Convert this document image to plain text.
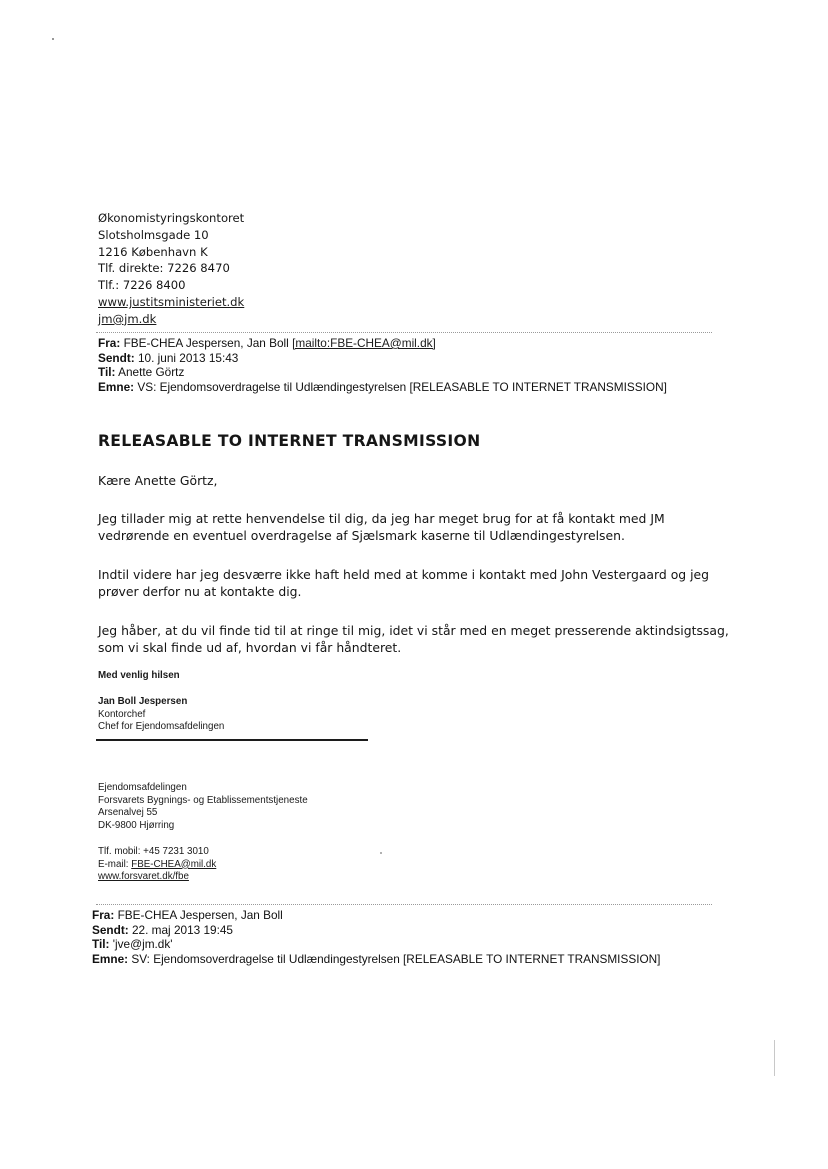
Økonomistyringskontoret
Slotsholmsgade 10
1216 København K
Tlf. direkte: 7226 8470
Tlf.: 7226 8400
www.justitsministeriet.dk
jm@jm.dk
Fra: FBE-CHEA Jespersen, Jan Boll [mailto:FBE-CHEA@mil.dk]
Sendt: 10. juni 2013 15:43
Til: Anette Görtz
Emne: VS: Ejendomsoverdragelse til Udlændingestyrelsen [RELEASABLE TO INTERNET TRANSMISSION]
RELEASABLE TO INTERNET TRANSMISSION
Kære Anette Görtz,
Jeg tillader mig at rette henvendelse til dig, da jeg har meget brug for at få kontakt med JM
vedrørende en eventuel overdragelse af Sjælsmark kaserne til Udlændingestyrelsen.
Indtil videre har jeg desværre ikke haft held med at komme i kontakt med John Vestergaard og jeg
prøver derfor nu at kontakte dig.
Jeg håber, at du vil finde tid til at ringe til mig, idet vi står med en meget presserende aktindsigtssag,
som vi skal finde ud af, hvordan vi får håndteret.
Med venlig hilsen
Jan Boll Jespersen
Kontorchef
Chef for Ejendomsafdelingen
Ejendomsafdelingen
Forsvarets Bygnings- og Etablissementstjeneste
Arsenalvej 55
DK-9800 Hjørring
Tlf. mobil: +45 7231 3010
E-mail: FBE-CHEA@mil.dk
www.forsvaret.dk/fbe
Fra: FBE-CHEA Jespersen, Jan Boll
Sendt: 22. maj 2013 19:45
Til: 'jve@jm.dk'
Emne: SV: Ejendomsoverdragelse til Udlændingestyrelsen [RELEASABLE TO INTERNET TRANSMISSION]
